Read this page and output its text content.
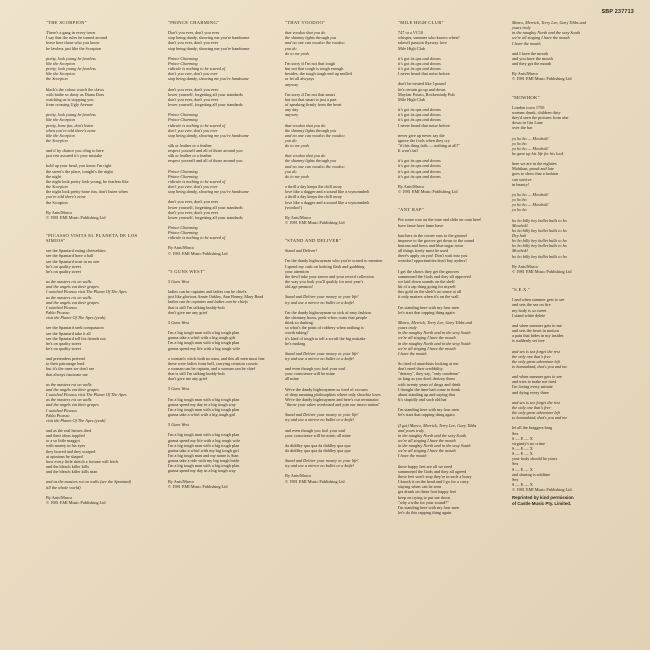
SBP 237713
"THE SCORPION"
There's a gang in every town
I say that the rules be turned around
leave here those who you know
be lawless just like the Scorpion
pretty, look young he fearless
like the Scorpion
pretty, look young he fearless
like the Scorpion
the Scorpion
black's the colour watch the claws
with bathe so dusty as Diana Dors
watching us is stopping you
from crossing Ugly Avenue
pretty, look young he fearless
like the Scorpion
pretty, bone fun, don't listen
when you're told there's none
like the Scorpion
the Scorpion
and if by chance you cling to here
just rest assured it's your mistake
hold up your head, you know I'm right
the street's the place, tonight's the night
the night
the night look pretty look young, be fearless like
the Scorpion
the night look pretty bone fun, don't listen when
you're told there's none
the Scorpion
By Ants/Marco
© 1981 EMI Music Publishing Ltd
"PICASSO VISITA EL PLANETA DE LOS SIMIOS"
see the Spaniard eating cheesebites
see the Spaniard have a ball
see the Spaniard trust in no one
he's on quality street
he's on quality street
as the masters rot on walls
and the angels eat their grapes
I watched Picasso visit The Planet Of The Apes
as the masters rot on walls
and the angels eat their grapes
I watched Picasso
Pablo Picasso
visit the Planet Of The Apes (yeah)
see the Spaniard seek compassion
see the Spaniard take it all
see the Spaniard tell his friends out
he's on quality street
he's on quality street
and pretenders pretend
to their patronage lend
but it's the ones we don't see
that always fascinate me
as the masters rot on walls
and the angels eat their grapes
I watched Picasso visit The Planet Of The Apes
as the masters rot on walls
and the angels eat their grapes
I watched Picasso
Pablo Picasso
visit the Planet Of The Apes (yeah)
and as the real heroes died
and their ideas toppled
to a so little maggot
with money in his eyes
they bowed and they scraped
at opinions he shaped
how every little sketch a fortune will fetch
and the bleach killer kills
and the bleach killer kills man
and as the masters rot on walls (see the Spaniard)
till the whole world)
By Ants/Marco
© 1981 EMI Music Publishing Ltd
"PRINCE CHARMING"
Don't you ever, don't you ever
stop being dandy, showing me you're handsome
don't you ever, don't you ever
stop being dandy, showing me you're handsome
Prince Charming
Prince Charming
ridicule is nothing to be scared of
don't you ever, don't you ever
stop being dandy, showing me you're handsome
don't you ever, don't you ever
lower yourself, forgetting all your standards
don't you ever, don't you ever
lower yourself, forgetting all your standards
Prince Charming
Prince Charming
ridicule is nothing to be scared of
don't you ever, don't you ever
stop being dandy, showing me you're handsome
silk or leather or a feather
respect yourself and all of those around you
silk or leather or a feather
respect yourself and all of those around you
Prince Charming
Prince Charming
ridicule is nothing to be scared of
don't you ever, don't you ever
stop being dandy, showing me you're handsome
don't you ever, don't you ever
lower yourself, forgetting all your standards
don't you ever, don't you ever
lower yourself, forgetting all your standards
Prince Charming
Prince Charming
ridicule is nothing to be scared of
By Ants/Marco
© 1981 EMI Music Publishing Ltd
"5 GUNS WEST"
5 Guns West
ladies can be captains and ladies can be chiefs
just like glorious Annie Oakley, Ann Bonny, Mary Read
ladies can be captains and ladies can be chiefs
that is still I'm talking buddy-bob
don't give me any grief
5 Guns West
I'm a big tough man with a big tough plan
gonna take a whirl with a big tough gift
I'm a big tough man with a big tough plan
gonna spend my life with a big tough wife
a woman's witch both no man, and this all men must fear
these were ladies from hell, carrying crimson corsets
a woman can be captain, and a woman can be chief
that is still I'm talking buddy-bob
don't give me any grief
5 Guns West
I'm a big tough man with a big tough plan
gonna spend my day in a big tough way
I'm a big tough man with a big tough plan
gonna take a whirl with a big tough girl
5 Guns West
I'm a big tough man with a big tough plan
gonna spend my life with a big tough wife
I'm a big tough man with a big tough plan
gonna take a whirl with my big tough girl
I'm a big tough man and my name is Stan
gonna take a ride with my big tough bride
I'm a big tough man with a big tough plan
gonna spend my day in a big tough way
By Ants/Marco
© 1981 EMI Music Publishing Ltd
"THAT VOODOO"
that voodoo that you do
the shimmy lights through you
and no one can voodoo the voodoo
you do
do to me yeah
I'm sorry if I'm not that tough
but not that tough is tough enough
besides, the tough tough end up mulled
or let all alwyays
anyway
I'm sorry if I'm not that smart
but not that smart is just a part
of speaking firmly from the heart
any day
anywey
that voodoo that you do
the shimmy lights through you
and no one can voodoo the voodoo
you do
do to me yeah
that voodoo that you do
the shimmy lights through you
and no one can voodoo the voodoo
you do
do to me yeah
a thrill a day keeps the chill away
love like a dagger and a sound like a wynonmbelt
a thrill a day keeps the chill away
love like a dagger and a sound like a wynonmbelt
(voodoo!)
By Ants/Marco
© 1981 EMI Music Publishing Ltd
"STAND AND DELIVER"
Stand and Deliver!
I'm the dandy highwayman who you're scared to mention
I spend my cash on looking flash and grabbing
your attention
the devil take your stereo and your record collection
the way you look you'll qualify for next year's
old age pension!
Stand and Deliver your money or your life!
try and use a mirror no bullet or a knife!
I'm the dandy highwayman so sick of easy fashion
the chimney boots, peek-a-boo coats that people
think so dashing
so what's the point of robbery when nothing is
worth taking?
it's kind of tough to tell a scruff the big mistake
he's making
Stand and Deliver your money or your life!
try and use a mirror no bullet or a knife!
and even though you fool your soul
your conscience will be mine
all mine
We're the dandy highwaymen so tired of excuses
of deep meaning philosophies where only showbiz loses
We're the dandy highwaymen and here's our terminator
"throw your sakes overboard and join our insect nation"
Stand and Deliver your money or your life!
try and use a mirror no bullet or a knife!
and even though you fool your soul
your conscience will be mine, all mine
da diddley qua qua da diddley qua qua
da diddley qua qua da diddley qua qua
Stand and Deliver your money or your life!
try and use a mirror no bullet or a knife!
By Ants/Marco
© 1981 EMI Music Publishing Ltd
"MILE HIGH CLUB"
747 or a VC10
whisper, summer who knows when?
takeoff passion flyaway love
Mile High Club
it's got its ups and downs
it's got its ups and downs
it's got its ups and downs
I never heard that noise before
don't be treated like I pound
he's certain go up and down
Mayfair Potato, Rockerstady Pub
Mile High Club
it's got its ups and downs
it's got its ups and downs
it's got its ups and downs
I never heard that noise before
never give up never say die
ignore the fools when they cry
"if this thing fails — nothing at all!"
It won't fail
it's got its ups and downs
it's got its ups and downs
it's got its ups and downs
it's got its ups and downs
By Ants/Marco
© 1981 EMI Music Publishing Ltd
"ANT RAP"
Put some wax on the tone and slide on outa here!
have fame have fame have
butchers in the corner ears to the ground
improve to the groove get down to the sound
buttons and bows and blue sugar town
all things freely must be used
there's apply on you! Don't wait into you
weirdos! opportunities don't buy ayders!
I get the shows they get the grooves
summoned the Gods and they all approved
we laid down sounds on the shelf
bit of a rap thing going for myself
this gold on the shelf's no sense at all
it only matters when it's on the wall
I'm standing here with my four men
let's start that rapping thing again
Marco, Merrick, Terry Lee, Gary Tibbs and
yours truly
in the naughty North and in the sexy South
we're all singing I have the mouth
in the naughty North and in the sexy South
we're all singing I have the mouth
I have the mouth
So tired of anarchists looking at me
don't need their credibility
"destroy", they say, "only condemn"
as long as you don't destroy them
with twenty years of drugs and drink
I thought the time had come to think
about standing up and saying that
It's stupidly and such old hat
I'm standing here with my four men
let's start that rapping thing again
(I got) Marco, Merrick, Terry Lee, Gary Tibbs
and yours truly
in the naughty North and the sexy South
we're all singing I have the mouth
in the naughty North and in the sexy South
we're all singing I have the mouth
I have the mouth
these happy feet are all we need
summoned the Gods and they all agreed
these feet won't stop they're in such a hurry
I knock it on the head and I go for a curry
staying when can be seen
get drunk on these foot happy feet
keep on trying to put me down
"why a tribe for your sound?"
I'm standing here with my four men
let's do this rapping thing again
Marco, Merrick, Terry Lee, Gary Tibbs and
yours truly
in the naughty North and the sexy South
we're all singing I have the mouth
I have the mouth
and I have the mouth
and you have the mouth
and they got the mouth
By Ants/Marco
© 1981 EMI Music Publishing Ltd
"MOWHOK"
London town 1750
women drunk, children dirty
they'd seen the pictures from afar
down in Gin Lane
over the bar
yo ho ho — Mowhok!
yo ho ho
yo ho ho — Mowhok!
he gave up his life for his look
here we are in the eighties
Mohikan, proud and late
goes to show that a fashion
can survive
in beauty!
yo ho ho — Mowhok!
yo ho ho
yo ho ho — Mowhok!
yo ho ho
ho ho billy hey bullet bulls to ho
Mowhok!
ho ho billy hey bullet bulls to ho
Dry hail
ho ho billy hey bullet bulls to ho
ho ho billy hey bullet bulls to ho
Mowhok!
ho ho billy hey bullet bulls to ho
By Ants/Marco
© 1981 EMI Music Publishing Ltd
"S.E.X."
I and when summer gets to see
and sets the sea on fire
my body is so sweet
I stand white delete
and when summer gets to me
and sets the heart in motion
a pain that hides in my insides
is suddenly set free
and sex is sex forget the rest
the only one that's free
the only great adventure left
to humankind, that's you and me
and when summer gets to see
and tries to make me tired
I'm loving every minute
and dying every three
and sex is sex forget the rest
the only one that's free
the only great adventure left
to humankind, that's you and me
let all the braggers brag
Sex
S — E — X
virginity's no crime
S — E — X
S — E — X
your body should be yours
Sex
S — E — X
and sharing is sublime
Sex
S — E — X
© 1981 EMI Music Publishing Ltd.
Reprinted by kind permission
of Castle Music Pty. Limited.
